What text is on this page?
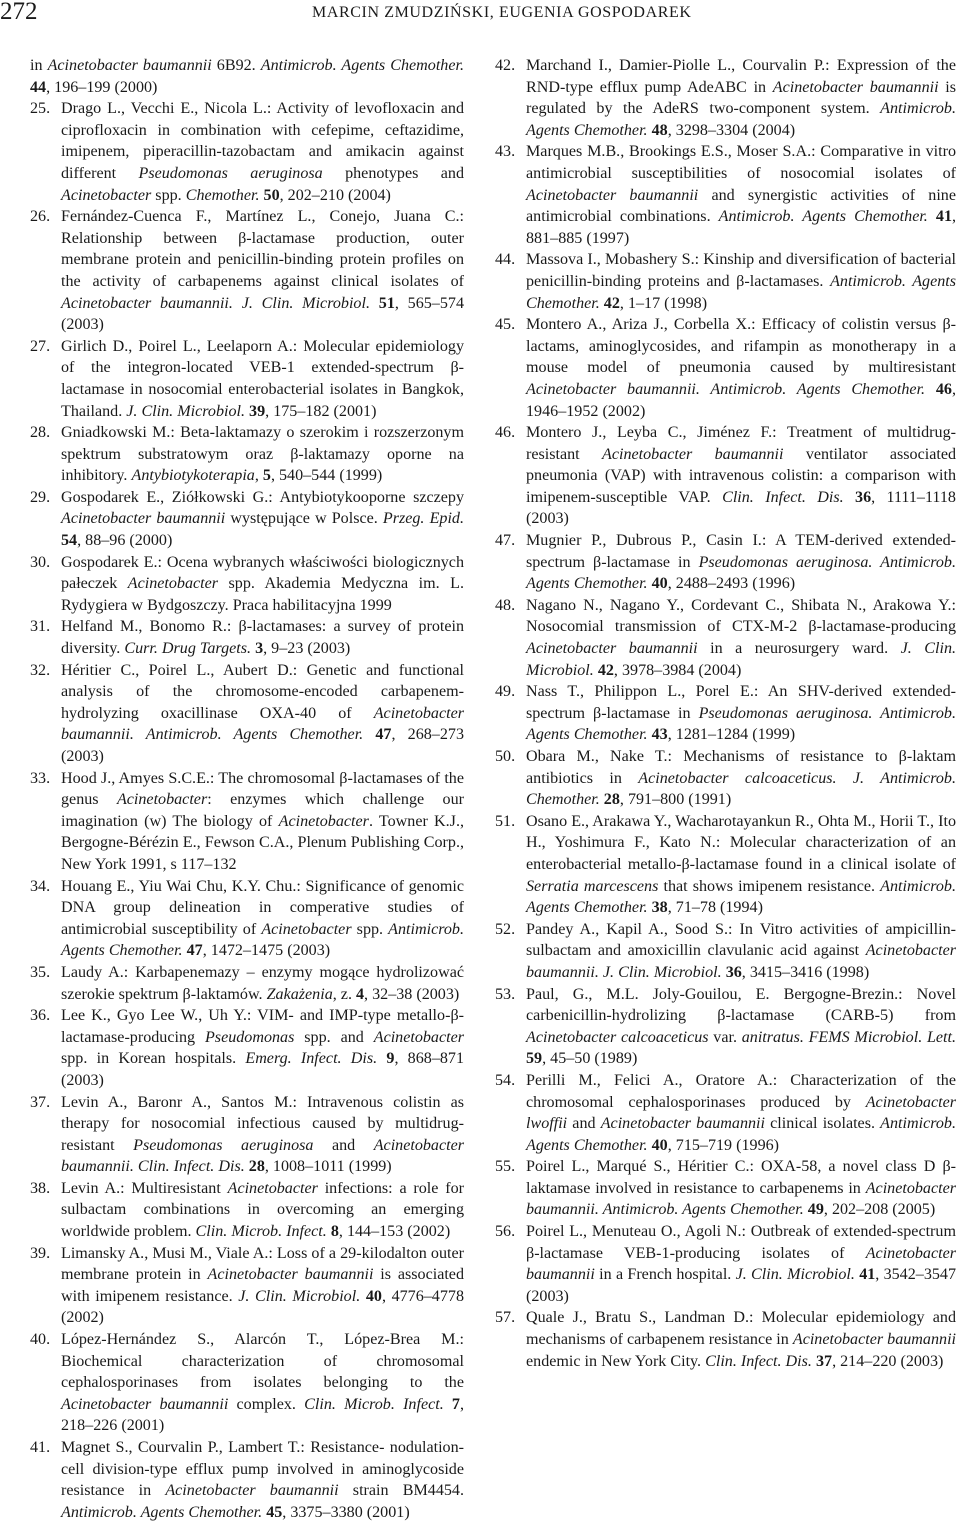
272	MARCIN ZMUDZIŃSKI, EUGENIA GOSPODAREK

in Acinetobacter baumannii 6B92. Antimicrob. Agents Chemother. 44, 196–199 (2000)

25. Drago L., Vecchi E., Nicola L.: Activity of levofloxacin and ciprofloxacin in combination with cefepime, ceftazidime, imipenem, piperacillin-tazobactam and amikacin against different Pseudomonas aeruginosa phenotypes and Acinetobacter spp. Chemother. 50, 202–210 (2004)

26. Fernández-Cuenca F., Martínez L., Conejo, Juana C.: Relationship between β-lactamase production, outer membrane protein and penicillin-binding protein profiles on the activity of carbapenems against clinical isolates of Acinetobacter baumannii. J. Clin. Microbiol. 51, 565–574 (2003)

27. Girlich D., Poirel L., Leelaporn A.: Molecular epidemiology of the integron-located VEB-1 extended-spectrum β-lactamase in nosocomial enterobacterial isolates in Bangkok, Thailand. J. Clin. Microbiol. 39, 175–182 (2001)

28. Gniadkowski M.: Beta-laktamazy o szerokim i rozszerzonym spektrum substratowym oraz β-laktamazy oporne na inhibitory. Antybiotykoterapia, 5, 540–544 (1999)

29. Gospodarek E., Ziółkowski G.: Antybiotykooporne szczepy Acinetobacter baumannii występujące w Polsce. Przeg. Epid. 54, 88–96 (2000)

30. Gospodarek E.: Ocena wybranych właściwości biologicznych pałeczek Acinetobacter spp. Akademia Medyczna im. L. Rydygiera w Bydgoszczy. Praca habilitacyjna 1999

31. Helfand M., Bonomo R.: β-lactamases: a survey of protein diversity. Curr. Drug Targets. 3, 9–23 (2003)

32. Héritier C., Poirel L., Aubert D.: Genetic and functional analysis of the chromosome-encoded carbapenem-hydrolyzing oxacillinase OXA-40 of Acinetobacter baumannii. Antimicrob. Agents Chemother. 47, 268–273 (2003)

33. Hood J., Amyes S.C.E.: The chromosomal β-lactamases of the genus Acinetobacter: enzymes which challenge our imagination (w) The biology of Acinetobacter. Towner K.J., Bergogne-Bérézin E., Fewson C.A., Plenum Publishing Corp., New York 1991, s 117–132

34. Houang E., Yiu Wai Chu, K.Y. Chu.: Significance of genomic DNA group delineation in comperative studies of antimicrobial susceptibility of Acinetobacter spp. Antimicrob. Agents Chemother. 47, 1472–1475 (2003)

35. Laudy A.: Karbapenemazy – enzymy mogące hydrolizować szerokie spektrum β-laktamów. Zakażenia, z. 4, 32–38 (2003)

36. Lee K., Gyo Lee W., Uh Y.: VIM- and IMP-type metallo-β-lactamase-producing Pseudomonas spp. and Acinetobacter spp. in Korean hospitals. Emerg. Infect. Dis. 9, 868–871 (2003)

37. Levin A., Baronr A., Santos M.: Intravenous colistin as therapy for nosocomial infectious caused by multidrug-resistant Pseudomonas aeruginosa and Acinetobacter baumannii. Clin. Infect. Dis. 28, 1008–1011 (1999)

38. Levin A.: Multiresistant Acinetobacter infections: a role for sulbactam combinations in overcoming an emerging worldwide problem. Clin. Microb. Infect. 8, 144–153 (2002)

39. Limansky A., Musi M., Viale A.: Loss of a 29-kilodalton outer membrane protein in Acinetobacter baumannii is associated with imipenem resistance. J. Clin. Microbiol. 40, 4776–4778 (2002)

40. López-Hernández S., Alarcón T., López-Brea M.: Biochemical characterization of chromosomal cephalosporinases from isolates belonging to the Acinetobacter baumannii complex. Clin. Microb. Infect. 7, 218–226 (2001)

41. Magnet S., Courvalin P., Lambert T.: Resistance- nodulation-cell division-type efflux pump involved in aminoglycoside resistance in Acinetobacter baumannii strain BM4454. Antimicrob. Agents Chemother. 45, 3375–3380 (2001)

42. Marchand I., Damier-Piolle L., Courvalin P.: Expression of the RND-type efflux pump AdeABC in Acinetobacter baumannii is regulated by the AdeRS two-component system. Antimicrob. Agents Chemother. 48, 3298–3304 (2004)

43. Marques M.B., Brookings E.S., Moser S.A.: Comparative in vitro antimicrobial susceptibilities of nosocomial isolates of Acinetobacter baumannii and synergistic activities of nine antimicrobial combinations. Antimicrob. Agents Chemother. 41, 881–885 (1997)

44. Massova I., Mobashery S.: Kinship and diversification of bacterial penicillin-binding proteins and β-lactamases. Antimicrob. Agents Chemother. 42, 1–17 (1998)

45. Montero A., Ariza J., Corbella X.: Efficacy of colistin versus β-lactams, aminoglycosides, and rifampin as monotherapy in a mouse model of pneumonia caused by multiresistant Acinetobacter baumannii. Antimicrob. Agents Chemother. 46, 1946–1952 (2002)

46. Montero J., Leyba C., Jiménez F.: Treatment of multidrug-resistant Acinetobacter baumannii ventilator associated pneumonia (VAP) with intravenous colistin: a comparison with imipenem-susceptible VAP. Clin. Infect. Dis. 36, 1111–1118 (2003)

47. Mugnier P., Dubrous P., Casin I.: A TEM-derived extended-spectrum β-lactamase in Pseudomonas aeruginosa. Antimicrob. Agents Chemother. 40, 2488–2493 (1996)

48. Nagano N., Nagano Y., Cordevant C., Shibata N., Arakowa Y.: Nosocomial transmission of CTX-M-2 β-lactamase-producing Acinetobacter baumannii in a neurosurgery ward. J. Clin. Microbiol. 42, 3978–3984 (2004)

49. Nass T., Philippon L., Porel E.: An SHV-derived extended-spectrum β-lactamase in Pseudomonas aeruginosa. Antimicrob. Agents Chemother. 43, 1281–1284 (1999)

50. Obara M., Nake T.: Mechanisms of resistance to β-laktam antibiotics in Acinetobacter calcoaceticus. J. Antimicrob. Chemother. 28, 791–800 (1991)

51. Osano E., Arakawa Y., Wacharotayankun R., Ohta M., Horii T., Ito H., Yoshimura F., Kato N.: Molecular characterization of an enterobacterial metallo-β-lactamase found in a clinical isolate of Serratia marcescens that shows imipenem resistance. Antimicrob. Agents Chemother. 38, 71–78 (1994)

52. Pandey A., Kapil A., Sood S.: In Vitro activities of ampicillin-sulbactam and amoxicillin clavulanic acid against Acinetobacter baumannii. J. Clin. Microbiol. 36, 3415–3416 (1998)

53. Paul, G., M.L. Joly-Gouilou, E. Bergogne-Brezin.: Novel carbenicillin-hydrolizing β-lactamase (CARB-5) from Acinetobacter calcoaceticus var. anitratus. FEMS Microbiol. Lett. 59, 45–50 (1989)

54. Perilli M., Felici A., Oratore A.: Characterization of the chromosomal cephalosporinases produced by Acinetobacter lwoffii and Acinetobacter baumannii clinical isolates. Antimicrob. Agents Chemother. 40, 715–719 (1996)

55. Poirel L., Marqué S., Héritier C.: OXA-58, a novel class D β-laktamase involved in resistance to carbapenems in Acinetobacter baumannii. Antimicrob. Agents Chemother. 49, 202–208 (2005)

56. Poirel L., Menuteau O., Agoli N.: Outbreak of extended-spectrum β-lactamase VEB-1-producing isolates of Acinetobacter baumannii in a French hospital. J. Clin. Microbiol. 41, 3542–3547 (2003)

57. Quale J., Bratu S., Landman D.: Molecular epidemiology and mechanisms of carbapenem resistance in Acinetobacter baumannii endemic in New York City. Clin. Infect. Dis. 37, 214–220 (2003)
